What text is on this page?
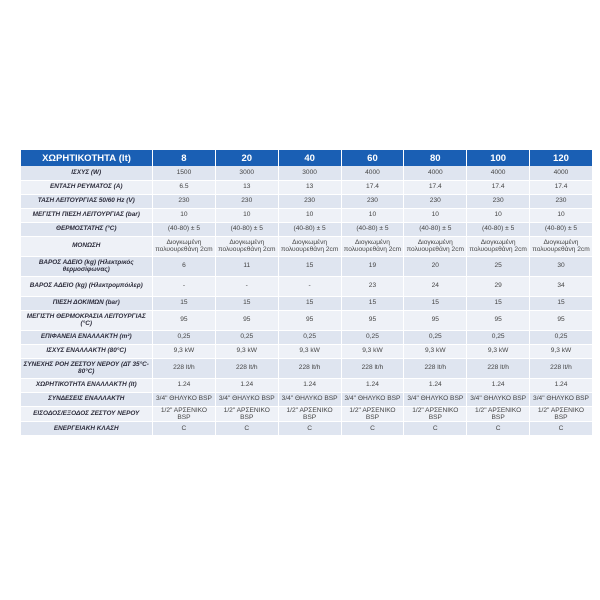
ΧΩΡΗΤΙΚΟΤΗΤΑ (lt)	8	20	40	60	80	100	120
ΙΣΧΥΣ (W)	1500	3000	3000	4000	4000	4000	4000
ΕΝΤΑΣΗ ΡΕΥΜΑΤΟΣ (A)	6.5	13	13	17.4	17.4	17.4	17.4
ΤΑΣΗ ΛΕΙΤΟΥΡΓΙΑΣ 50/60 Hz (V)	230	230	230	230	230	230	230
ΜΕΓΙΣΤΗ ΠΙΕΣΗ ΛΕΙΤΟΥΡΓΙΑΣ (bar)	10	10	10	10	10	10	10
ΘΕΡΜΟΣΤΑΤΗΣ (°C)	(40-80) ± 5	(40-80) ± 5	(40-80) ± 5	(40-80) ± 5	(40-80) ± 5	(40-80) ± 5	(40-80) ± 5
ΜΟΝΩΣΗ	Διογκωμένη πολυουρεθάνη 2cm	Διογκωμένη πολυουρεθάνη 2cm	Διογκωμένη πολυουρεθάνη 2cm	Διογκωμένη πολυουρεθάνη 2cm	Διογκωμένη πολυουρεθάνη 2cm	Διογκωμένη πολυουρεθάνη 2cm	Διογκωμένη πολυουρεθάνη 2cm
ΒΑΡΟΣ ΑΔΕΙΟ (kg) (Ηλεκτρικός θερμοσίφωνας)	6	11	15	19	20	25	30
ΒΑΡΟΣ ΑΔΕΙΟ (kg) (Ηλεκτρομπόιλερ)	-	-	-	23	24	29	34
ΠΙΕΣΗ ΔΟΚΙΜΩΝ (bar)	15	15	15	15	15	15	15
ΜΕΓΙΣΤΗ ΘΕΡΜΟΚΡΑΣΙΑ ΛΕΙΤΟΥΡΓΙΑΣ (°C)	95	95	95	95	95	95	95
ΕΠΙΦΑΝΕΙΑ ΕΝΑΛΛΑΚΤΗ (m²)	0,25	0,25	0,25	0,25	0,25	0,25	0,25
ΙΣΧΥΣ ΕΝΑΛΛΑΚΤΗ (80°C)	9,3 kW	9,3 kW	9,3 kW	9,3 kW	9,3 kW	9,3 kW	9,3 kW
ΣΥΝΕΧΗΣ ΡΟΗ ΖΕΣΤΟΥ ΝΕΡΟΥ (ΔΤ 35°C-80°C)	228 lt/h	228 lt/h	228 lt/h	228 lt/h	228 lt/h	228 lt/h	228 lt/h
ΧΩΡΗΤΙΚΟΤΗΤΑ ΕΝΑΛΛΑΚΤΗ (lt)	1.24	1.24	1.24	1.24	1.24	1.24	1.24
ΣΥΝΔΕΣΕΙΣ ΕΝΑΛΛΑΚΤΗ	3/4" ΘΗΛΥΚΟ BSP	3/4" ΘΗΛΥΚΟ BSP	3/4" ΘΗΛΥΚΟ BSP	3/4" ΘΗΛΥΚΟ BSP	3/4" ΘΗΛΥΚΟ BSP	3/4" ΘΗΛΥΚΟ BSP	3/4" ΘΗΛΥΚΟ BSP
ΕΙΣΟΔΟΣ/ΕΞΟΔΟΣ ΖΕΣΤΟΥ ΝΕΡΟΥ	1/2" ΑΡΣΕΝΙΚΟ BSP	1/2" ΑΡΣΕΝΙΚΟ BSP	1/2" ΑΡΣΕΝΙΚΟ BSP	1/2" ΑΡΣΕΝΙΚΟ BSP	1/2" ΑΡΣΕΝΙΚΟ BSP	1/2" ΑΡΣΕΝΙΚΟ BSP	1/2" ΑΡΣΕΝΙΚΟ BSP
ΕΝΕΡΓΕΙΑΚΗ ΚΛΑΣΗ	C	C	C	C	C	C	C
